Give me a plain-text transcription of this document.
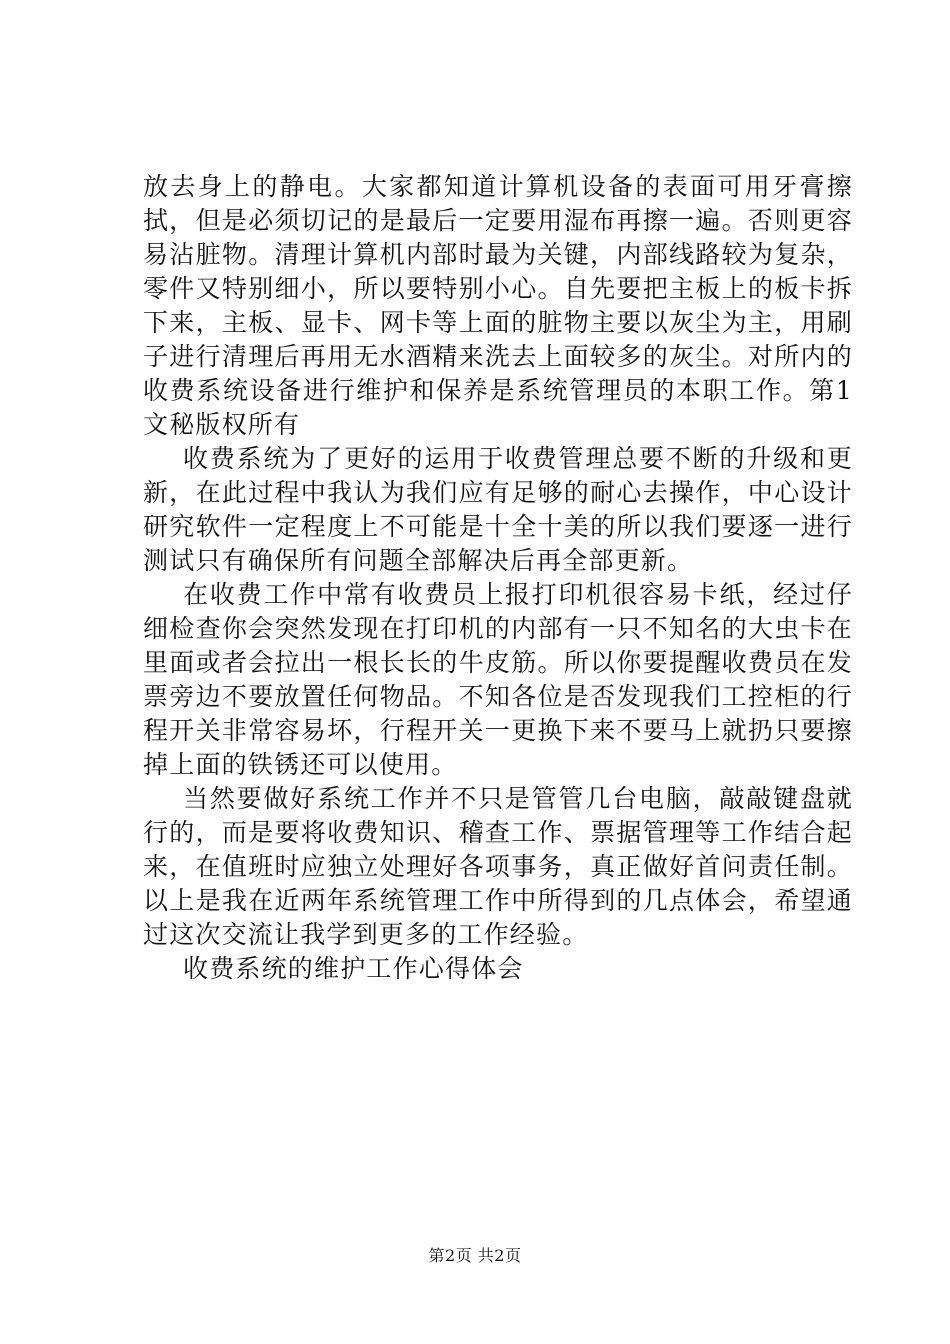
放去身上的静电。大家都知道计算机设备的表面可用牙膏擦拭，但是必须切记的是最后一定要用湿布再擦一遍。否则更容易沾脏物。清理计算机内部时最为关键，内部线路较为复杂，零件又特别细小，所以要特别小心。自先要把主板上的板卡拆下来，主板、显卡、网卡等上面的脏物主要以灰尘为主，用刷子进行清理后再用无水酒精来洗去上面较多的灰尘。对所内的收费系统设备进行维护和保养是系统管理员的本职工作。第1文秘版权所有

收费系统为了更好的运用于收费管理总要不断的升级和更新，在此过程中我认为我们应有足够的耐心去操作，中心设计研究软件一定程度上不可能是十全十美的所以我们要逐一进行测试只有确保所有问题全部解决后再全部更新。

在收费工作中常有收费员上报打印机很容易卡纸，经过仔细检查你会突然发现在打印机的内部有一只不知名的大虫卡在里面或者会拉出一根长长的牛皮筋。所以你要提醒收费员在发票旁边不要放置任何物品。不知各位是否发现我们工控柜的行程开关非常容易坏，行程开关一更换下来不要马上就扔只要擦掉上面的铁锈还可以使用。

当然要做好系统工作并不只是管管几台电脑，敲敲键盘就行的，而是要将收费知识、稽查工作、票据管理等工作结合起来，在值班时应独立处理好各项事务，真正做好首问责任制。以上是我在近两年系统管理工作中所得到的几点体会，希望通过这次交流让我学到更多的工作经验。

收费系统的维护工作心得体会

第2页 共2页
